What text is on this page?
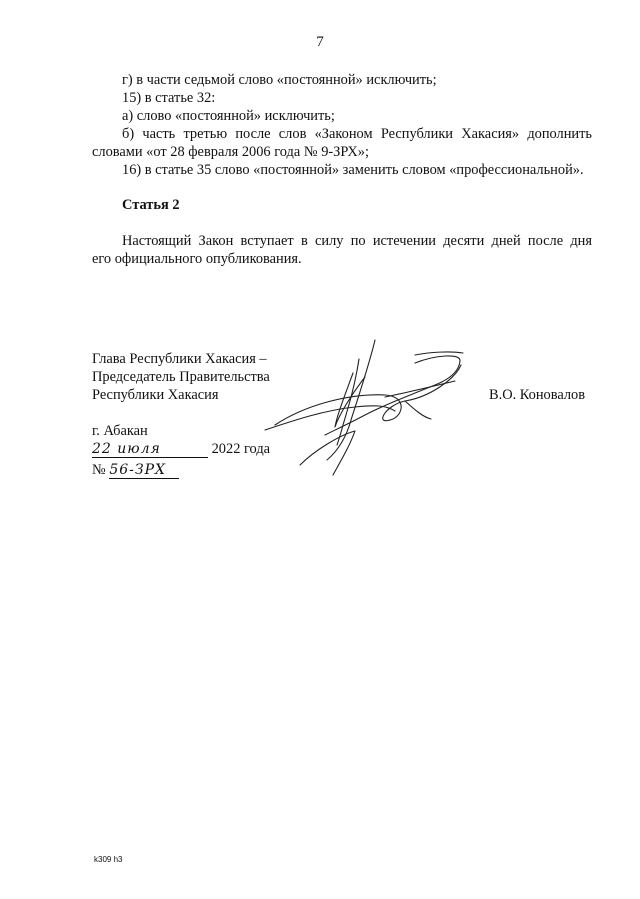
7
г) в части седьмой слово «постоянной» исключить;
15) в статье 32:
а) слово «постоянной» исключить;
б) часть третью после слов «Законом Республики Хакасия» дополнить
словами «от 28 февраля 2006 года № 9-ЗРХ»;
16) в статье 35 слово «постоянной» заменить словом «профессиональной».
Статья 2
Настоящий Закон вступает в силу по истечении десяти дней после дня
его официального опубликования.
Глава Республики Хакасия –
Председатель Правительства
Республики Хакасия	В.О. Коновалов
г. Абакан
22 июля	2022 года
№ 56-ЗРХ
k309 h3
